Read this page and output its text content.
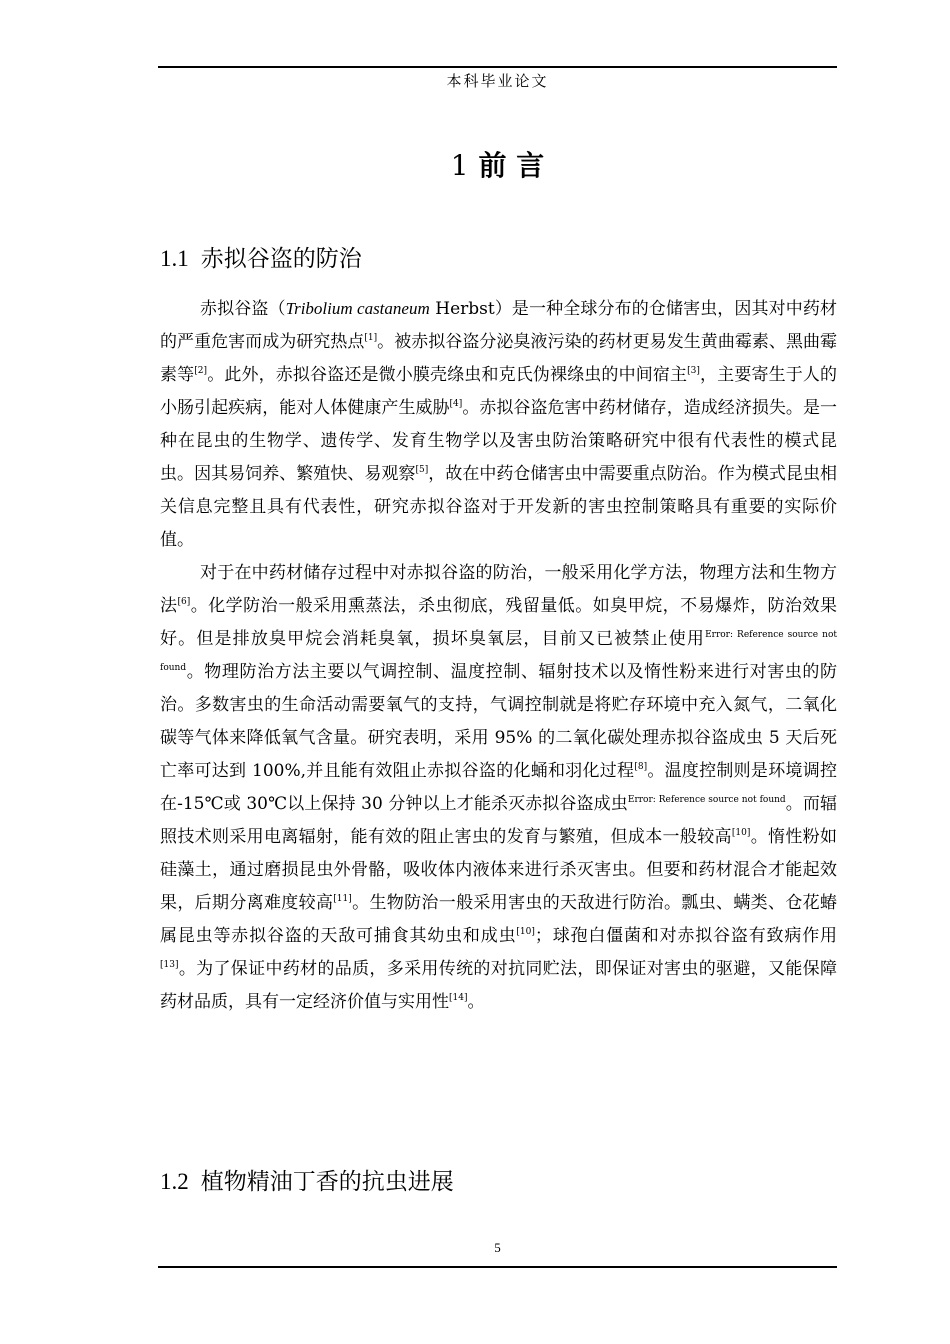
本科毕业论文
1 前 言
1.1 赤拟谷盗的防治

赤拟谷盗（Tribolium castaneum Herbst）是一种全球分布的仓储害虫，因其对中药材的严重危害而成为研究热点[1]。被赤拟谷盗分泌臭液污染的药材更易发生黄曲霉素、黑曲霉素等[2]。此外，赤拟谷盗还是微小膜壳绦虫和克氏伪裸绦虫的中间宿主[3]，主要寄生于人的小肠引起疾病，能对人体健康产生威胁[4]。赤拟谷盗危害中药材储存，造成经济损失。是一种在昆虫的生物学、遗传学、发育生物学以及害虫防治策略研究中很有代表性的模式昆虫。因其易饲养、繁殖快、易观察[5]，故在中药仓储害虫中需要重点防治。作为模式昆虫相关信息完整且具有代表性，研究赤拟谷盗对于开发新的害虫控制策略具有重要的实际价值。

对于在中药材储存过程中对赤拟谷盗的防治，一般采用化学方法，物理方法和生物方法[6]。化学防治一般采用熏蒸法，杀虫彻底，残留量低。如臭甲烷，不易爆炸，防治效果好。但是排放臭甲烷会消耗臭氧，损坏臭氧层，目前又已被禁止使用$^{Error: Reference source not found}$。物理防治方法主要以气调控制、温度控制、辐射技术以及惰性粉来进行对害虫的防治。多数害虫的生命活动需要氧气的支持，气调控制就是将贮存环境中充入氮气，二氧化碳等气体来降低氧气含量。研究表明，采用 95% 的二氧化碳处理赤拟谷盗成虫 5 天后死亡率可达到 100%,并且能有效阻止赤拟谷盗的化蛹和羽化过程[8]。温度控制则是环境调控在-15℃或 30℃以上保持 30 分钟以上才能杀灭赤拟谷盗成虫$^{Error: Reference source not found}$。而辐照技术则采用电离辐射，能有效的阻止害虫的发育与繁殖，但成本一般较高[10]。惰性粉如硅藻土，通过磨损昆虫外骨骼，吸收体内液体来进行杀灭害虫。但要和药材混合才能起效果，后期分离难度较高[11]。生物防治一般采用害虫的天敌进行防治。瓢虫、螨类、仓花蝽属昆虫等赤拟谷盗的天敌可捕食其幼虫和成虫[10]；球孢白僵菌和对赤拟谷盗有致病作用[13]。为了保证中药材的品质，多采用传统的对抗同贮法，即保证对害虫的驱避，又能保障药材品质，具有一定经济价值与实用性[14]。

1.2 植物精油丁香的抗虫进展
5
